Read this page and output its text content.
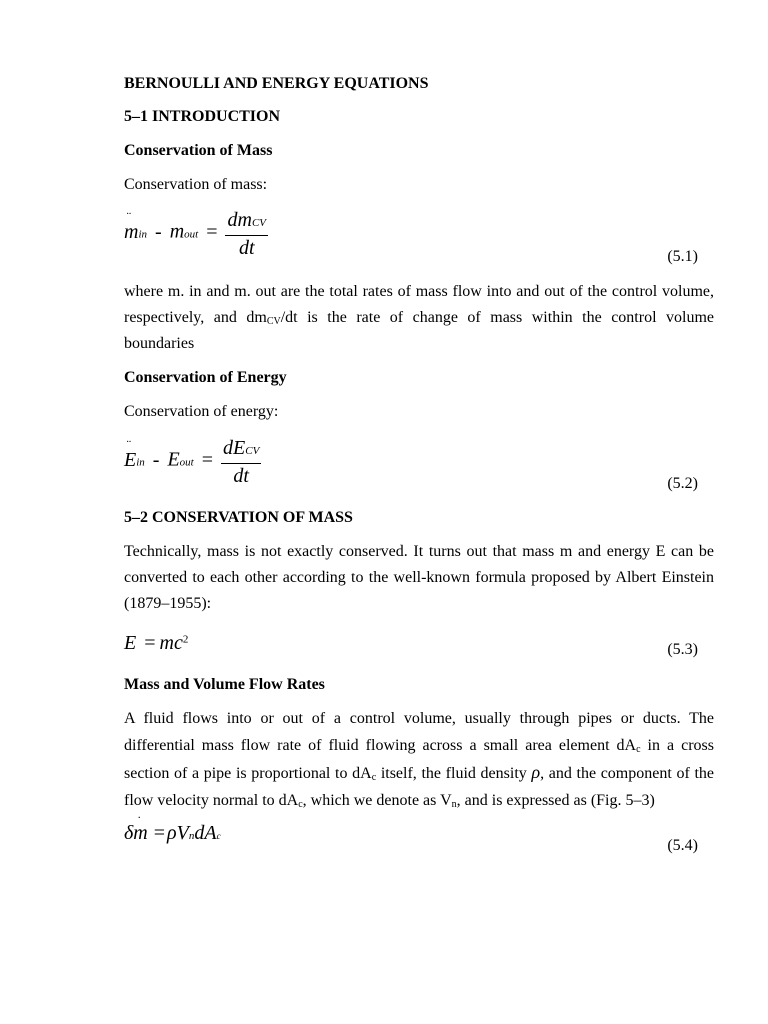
BERNOULLI AND ENERGY EQUATIONS
5–1 INTRODUCTION
Conservation of Mass
Conservation of mass:
·· min - mout = $\frac{\text{dmCV}}{dt}$	(5.1)
where m. in and m. out are the total rates of mass flow into and out of the control volume, respectively, and $dm_{CV}/dt$ is the rate of change of mass within the control volume boundaries
Conservation of Energy
Conservation of energy:
·· Ein - Eout = $\frac{\text{dECV}}{dt}$	(5.2)
5–2 CONSERVATION OF MASS
Technically, mass is not exactly conserved. It turns out that mass m and energy E can be converted to each other according to the well-known formula proposed by Albert Einstein (1879–1955):
$E = mc^2$
(5.3)
Mass and Volume Flow Rates
A fluid flows into or out of a control volume, usually through pipes or ducts. The differential mass flow rate of fluid flowing across a small area element $dA_c$ in a cross section of a pipe is proportional to $dA_c$ itself, the fluid density ρ, and the component of the flow velocity normal to $dA_c$, which we denote as $V_n$, and is expressed as (Fig. 5–3)
δ· m = ρVndAc
(5.4)
